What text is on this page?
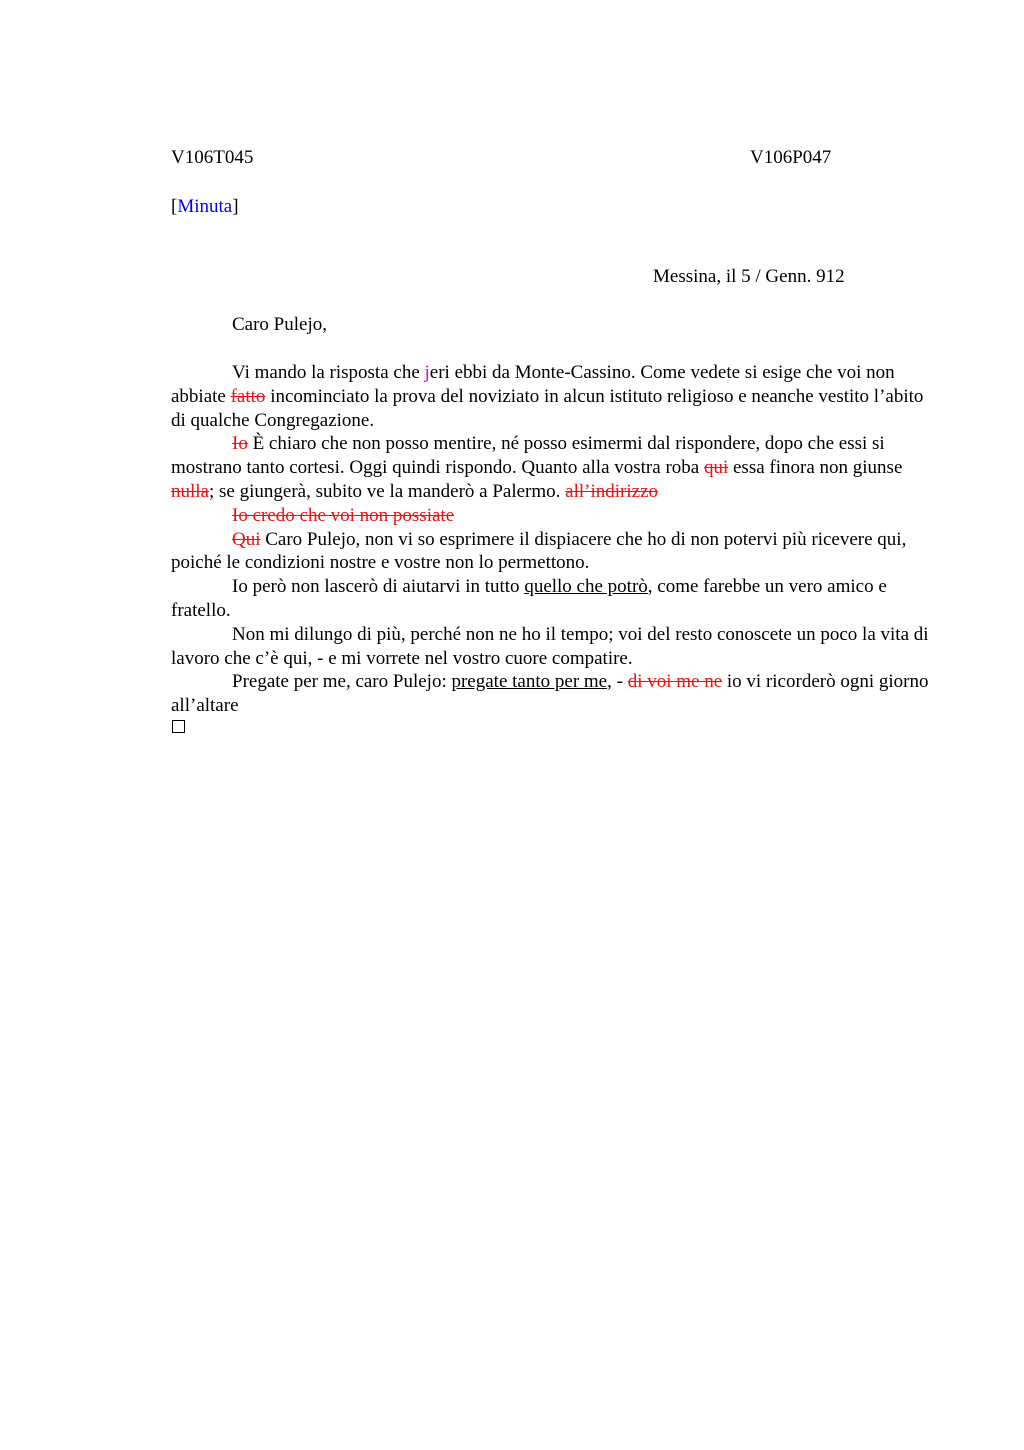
V106T045	V106P047
[Minuta]
Messina, il 5 / Genn. 912
Caro Pulejo,

Vi mando la risposta che jeri ebbi da Monte-Cassino. Come vedete si esige che voi non abbiate fatto incominciato la prova del noviziato in alcun istituto religioso e neanche vestito l’abito di qualche Congregazione.

Io È chiaro che non posso mentire, né posso esimermi dal rispondere, dopo che essi si mostrano tanto cortesi. Oggi quindi rispondo. Quanto alla vostra roba qui essa finora non giunse nulla; se giungerà, subito ve la manderò a Palermo. all’indirizzo

Io credo che voi non possiate

Qui Caro Pulejo, non vi so esprimere il dispiacere che ho di non potervi più ricevere qui, poiché le condizioni nostre e vostre non lo permettono.

Io però non lascerò di aiutarvi in tutto quello che potrò, come farebbe un vero amico e fratello.

Non mi dilungo di più, perché non ne ho il tempo; voi del resto conoscete un poco la vita di lavoro che c’è qui, - e mi vorrete nel vostro cuore compatire.

Pregate per me, caro Pulejo: pregate tanto per me, - di voi me ne io vi ricorderò ogni giorno all’altare
